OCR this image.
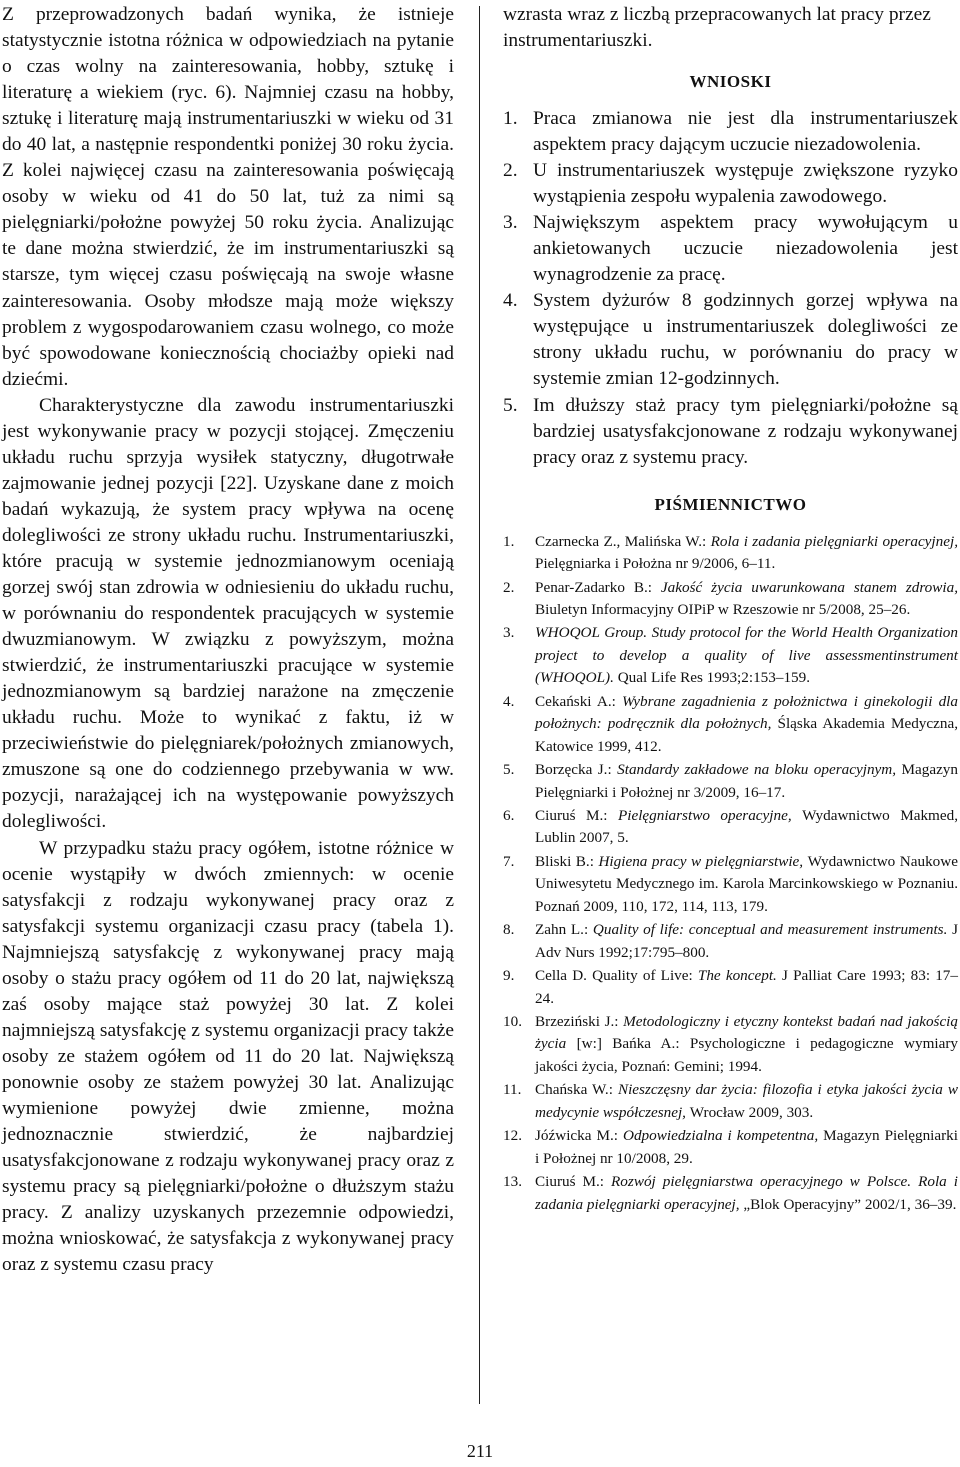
Z przeprowadzonych badań wynika, że istnieje statystycznie istotna różnica w odpowiedziach na pytanie o czas wolny na zainteresowania, hobby, sztukę i literaturę a wiekiem (ryc. 6). Najmniej czasu na hobby, sztukę i literaturę mają instrumentariuszki w wieku od 31 do 40 lat, a następnie respondentki poniżej 30 roku życia. Z kolei najwięcej czasu na zainteresowania poświęcają osoby w wieku od 41 do 50 lat, tuż za nimi są pielęgniarki/położne powyżej 50 roku życia. Analizując te dane można stwierdzić, że im instrumentariuszki są starsze, tym więcej czasu poświęcają na swoje własne zainteresowania. Osoby młodsze mają może większy problem z wygospodarowaniem czasu wolnego, co może być spowodowane koniecznością chociażby opieki nad dziećmi.

Charakterystyczne dla zawodu instrumentariuszki jest wykonywanie pracy w pozycji stojącej. Zmęczeniu układu ruchu sprzyja wysiłek statyczny, długotrwałe zajmowanie jednej pozycji [22]. Uzyskane dane z moich badań wykazują, że system pracy wpływa na ocenę dolegliwości ze strony układu ruchu. Instrumentariuszki, które pracują w systemie jednozmianowym oceniają gorzej swój stan zdrowia w odniesieniu do układu ruchu, w porównaniu do respondentek pracujących w systemie dwuzmianowym. W związku z powyższym, można stwierdzić, że instrumentariuszki pracujące w systemie jednozmianowym są bardziej narażone na zmęczenie układu ruchu. Może to wynikać z faktu, iż w przeciwieństwie do pielęgniarek/położnych zmianowych, zmuszone są one do codziennego przebywania w ww. pozycji, narażającej ich na występowanie powyższych dolegliwości.

W przypadku stażu pracy ogółem, istotne różnice w ocenie wystąpiły w dwóch zmiennych: w ocenie satysfakcji z rodzaju wykonywanej pracy oraz z satysfakcji systemu organizacji czasu pracy (tabela 1). Najmniejszą satysfakcję z wykonywanej pracy mają osoby o stażu pracy ogółem od 11 do 20 lat, największą zaś osoby mające staż powyżej 30 lat. Z kolei najmniejszą satysfakcję z systemu organizacji pracy także osoby ze stażem ogółem od 11 do 20 lat. Największą ponownie osoby ze stażem powyżej 30 lat. Analizując wymienione powyżej dwie zmienne, można jednoznacznie stwierdzić, że najbardziej usatysfakcjonowane z rodzaju wykonywanej pracy oraz z systemu pracy są pielęgniarki/położne o dłuższym stażu pracy. Z analizy uzyskanych przezemnie odpowiedzi, można wnioskować, że satysfakcja z wykonywanej pracy oraz z systemu czasu pracy

wzrasta wraz z liczbą przepracowanych lat pracy przez instrumentariuszki.

WNIOSKI
1. Praca zmianowa nie jest dla instrumentariuszek aspektem pracy dającym uczucie niezadowolenia.
2. U instrumentariuszek występuje zwiększone ryzyko wystąpienia zespołu wypalenia zawodowego.
3. Największym aspektem pracy wywołującym u ankietowanych uczucie niezadowolenia jest wynagrodzenie za pracę.
4. System dyżurów 8 godzinnych gorzej wpływa na występujące u instrumentariuszek dolegliwości ze strony układu ruchu, w porównaniu do pracy w systemie zmian 12-godzinnych.
5. Im dłuższy staż pracy tym pielęgniarki/położne są bardziej usatysfakcjonowane z rodzaju wykonywanej pracy oraz z systemu pracy.
PIŚMIENNICTWO
1. Czarnecka Z., Malińska W.: Rola i zadania pielęgniarki operacyjnej, Pielęgniarka i Położna nr 9/2006, 6–11.
2. Penar-Zadarko B.: Jakość życia uwarunkowana stanem zdrowia, Biuletyn Informacyjny OIPiP w Rzeszowie nr 5/2008, 25–26.
3. WHOQOL Group. Study protocol for the World Health Organization project to develop a quality of live assessmentinstrument (WHOQOL). Qual Life Res 1993;2:153–159.
4. Cekański A.: Wybrane zagadnienia z położnictwa i ginekologii dla położnych: podręcznik dla położnych, Śląska Akademia Medyczna, Katowice 1999, 412.
5. Borzęcka J.: Standardy zakładowe na bloku operacyjnym, Magazyn Pielęgniarki i Położnej nr 3/2009, 16–17.
6. Ciuruś M.: Pielęgniarstwo operacyjne, Wydawnictwo Makmed, Lublin 2007, 5.
7. Bliski B.: Higiena pracy w pielęgniarstwie, Wydawnictwo Naukowe Uniwesytetu Medycznego im. Karola Marcinkowskiego w Poznaniu. Poznań 2009, 110, 172, 114, 113, 179.
8. Zahn L.: Quality of life: conceptual and measurement instruments. J Adv Nurs 1992;17:795–800.
9. Cella D. Quality of Live: The koncept. J Palliat Care 1993; 83: 17–24.
10. Brzeziński J.: Metodologiczny i etyczny kontekst badań nad jakością życia [w:] Bańka A.: Psychologiczne i pedagogiczne wymiary jakości życia, Poznań: Gemini; 1994.
11. Chańska W.: Nieszczęsny dar życia: filozofia i etyka jakości życia w medycynie współczesnej, Wrocław 2009, 303.
12. Jóźwicka M.: Odpowiedzialna i kompetentna, Magazyn Pielęgniarki i Położnej nr 10/2008, 29.
13. Ciuruś M.: Rozwój pielęgniarstwa operacyjnego w Polsce. Rola i zadania pielęgniarki operacyjnej, „Blok Operacyjny” 2002/1, 36–39.
211
